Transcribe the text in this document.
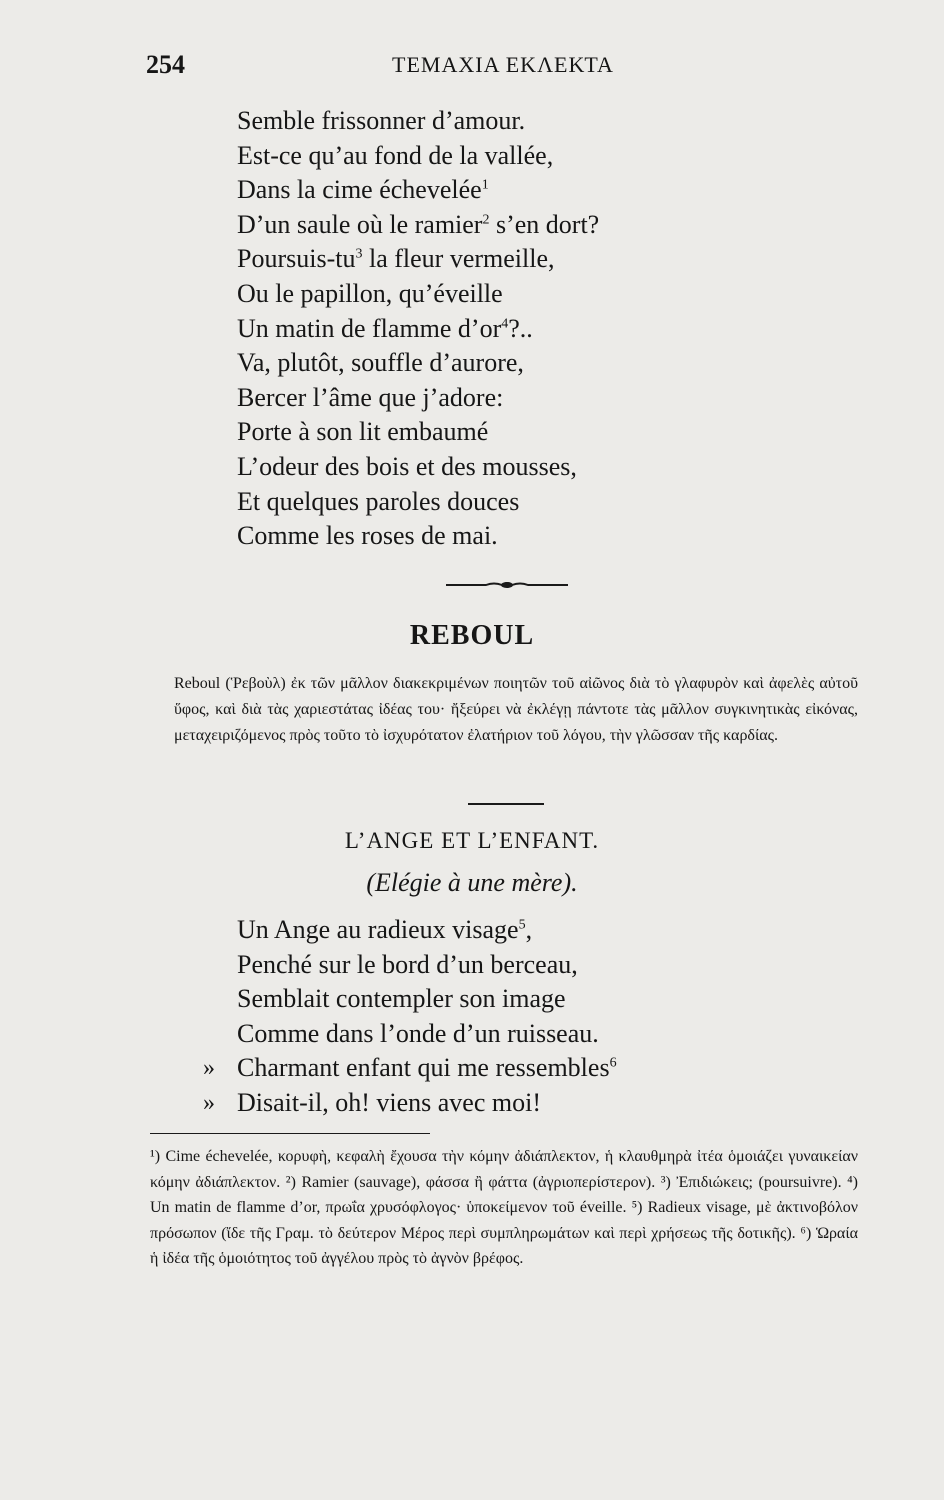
254	ΤΕΜΑΧΙΑ ΕΚΛΕΚΤΑ
Semble frissonner d’amour.
Est-ce qu’au fond de la vallée,
Dans la cime échevelée$^1$
D’un saule où le ramier$^2$ s’en dort?
Poursuis-$tu^3$ la fleur vermeille,
Ou le papillon, qu’éveille
Un matin de flamme $d’or^4$?..
Va, plutôt, souffle d’aurore,
Bercer l’âme que j’adore:
Porte à son lit embaumé
L’odeur des bois et des mousses,
Et quelques paroles douces
Comme les roses de mai.
REBOUL

Reboul (Ῥεβοὺλ) ἐκ τῶν μᾶλλον διακεκριμένων ποιητῶν τοῦ αἰῶνος διὰ τὸ γλαφυρὸν καὶ ἀφελὲς αὐτοῦ ὕφος, καὶ διὰ τὰς χαριεστάτας ἰδέας του· ἤξεύρει νὰ ἐκλέγῃ πάντοτε τὰς μᾶλλον συγκινητικὰς εἰκόνας, μεταχειριζόμενος πρὸς τοῦτο τὸ ἰσχυρότατον ἐλατήριον τοῦ λόγου, τὴν γλῶσσαν τῆς καρδίας.

L’ANGE ET L’ENFANT.
(Elégie à une mère).
Un Ange au radieux visage$^5$,
Penché sur le bord d’un berceau,
Semblait contempler son image
Comme dans l’onde d’un ruisseau.
» Charmant enfant qui me ressembles$^6$
» Disait-il, oh! viens avec moi!

¹) Cime échevelée, κορυφὴ, κεφαλὴ ἔχουσα τὴν κόμην ἀδιάπλεκτον, ἡ κλαυθμηρὰ ἰτέα ὁμοιάζει γυναικείαν κόμην ἀδιάπλεκτον. ²) Ramier (sauvage), φάσσα ἢ φάττα (ἀγριοπερίστερον). ³) Ἐπιδιώκεις; (poursuivre). ⁴) Un matin de flamme d’or, πρωΐα χρυσόφλογος· ὑποκείμενον τοῦ éveille. ⁵) Radieux visage, μὲ ἀκτινοβόλον πρόσωπον (ἴδε τῆς Γραμ. τὸ δεύτερον Μέρος περὶ συμπληρωμάτων καὶ περὶ χρήσεως τῆς δοτικῆς). ⁶) Ὡραία ἡ ἰδέα τῆς ὁμοιότητος τοῦ ἀγγέλου πρὸς τὸ ἀγνὸν βρέφος.
